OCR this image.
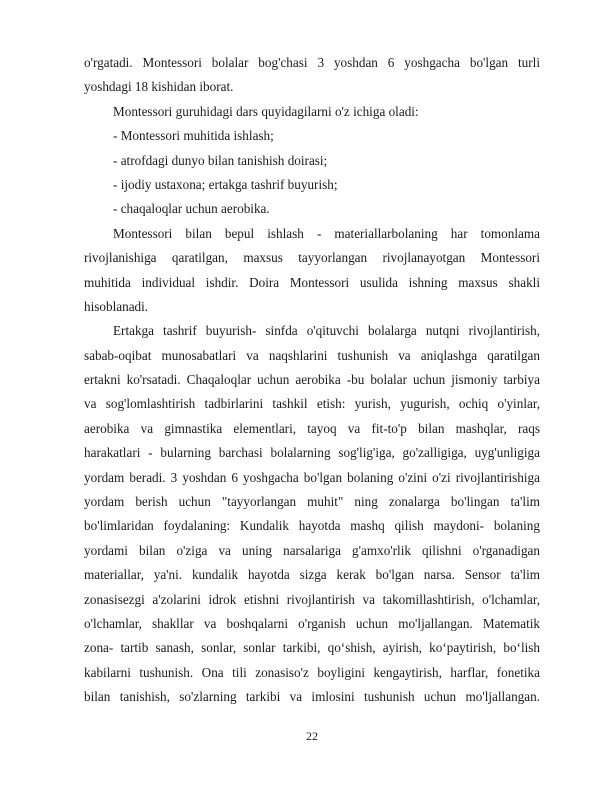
o'rgatadi. Montessori bolalar bog'chasi 3 yoshdan 6 yoshgacha bo'lgan turli
yoshdagi 18 kishidan iborat.
Montessori guruhidagi dars quyidagilarni o'z ichiga oladi:
- Montessori muhitida ishlash;
- atrofdagi dunyo bilan tanishish doirasi;
- ijodiy ustaxona; ertakga tashrif buyurish;
- chaqaloqlar uchun aerobika.
Montessori bilan bepul ishlash - materiallarbolaning har tomonlama
rivojlanishiga qaratilgan, maxsus tayyorlangan rivojlanayotgan Montessori
muhitida individual ishdir. Doira Montessori usulida ishning maxsus shakli
hisoblanadi.
Ertakga tashrif buyurish- sinfda o'qituvchi bolalarga nutqni rivojlantirish,
sabab-oqibat munosabatlari va naqshlarini tushunish va aniqlashga qaratilgan
ertakni ko'rsatadi. Chaqaloqlar uchun aerobika -bu bolalar uchun jismoniy tarbiya
va sog'lomlashtirish tadbirlarini tashkil etish: yurish, yugurish, ochiq o'yinlar,
aerobika va gimnastika elementlari, tayoq va fit-to'p bilan mashqlar, raqs
harakatlari - bularning barchasi bolalarning sog'lig'iga, go'zalligiga, uyg'unligiga
yordam beradi. 3 yoshdan 6 yoshgacha bo'lgan bolaning o'zini o'zi rivojlantirishiga
yordam berish uchun "tayyorlangan muhit" ning zonalarga bo'lingan ta'lim
bo'limlaridan foydalaning: Kundalik hayotda mashq qilish maydoni- bolaning
yordami bilan o'ziga va uning narsalariga g'amxo'rlik qilishni o'rganadigan
materiallar, ya'ni. kundalik hayotda sizga kerak bo'lgan narsa. Sensor ta'lim
zonasisezgi a'zolarini idrok etishni rivojlantirish va takomillashtirish, o'lchamlar,
o'lchamlar, shakllar va boshqalarni o'rganish uchun mo'ljallangan. Matematik
zona- tartib sanash, sonlar, sonlar tarkibi, qoʻshish, ayirish, koʻpaytirish, boʻlish
kabilarni tushunish. Ona tili zonasiso'z boyligini kengaytirish, harflar, fonetika
bilan tanishish, so'zlarning tarkibi va imlosini tushunish uchun mo'ljallangan.
22
